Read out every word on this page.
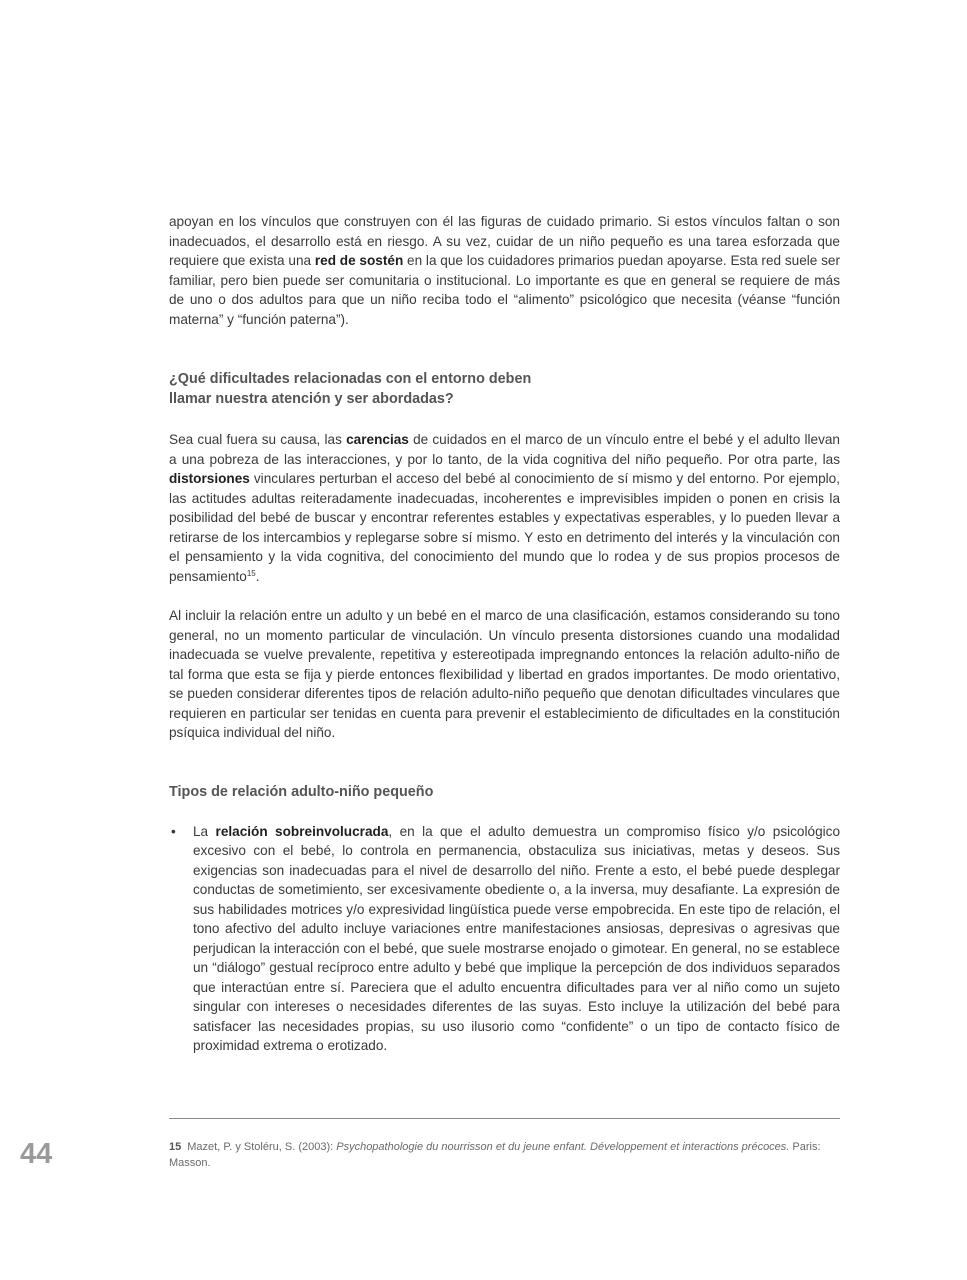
apoyan en los vínculos que construyen con él las figuras de cuidado primario. Si estos vínculos faltan o son inadecuados, el desarrollo está en riesgo. A su vez, cuidar de un niño pequeño es una tarea esforzada que requiere que exista una red de sostén en la que los cuidadores primarios puedan apoyarse. Esta red suele ser familiar, pero bien puede ser comunitaria o institucional. Lo importante es que en general se requiere de más de uno o dos adultos para que un niño reciba todo el “alimento” psicológico que necesita (véanse “función materna” y “función paterna”).

¿Qué dificultades relacionadas con el entorno deben
llamar nuestra atención y ser abordadas?

Sea cual fuera su causa, las carencias de cuidados en el marco de un vínculo entre el bebé y el adulto llevan a una pobreza de las interacciones, y por lo tanto, de la vida cognitiva del niño pequeño. Por otra parte, las distorsiones vinculares perturban el acceso del bebé al conocimiento de sí mismo y del entorno. Por ejemplo, las actitudes adultas reiteradamente inadecuadas, incoherentes e imprevisibles impiden o ponen en crisis la posibilidad del bebé de buscar y encontrar referentes estables y expectativas esperables, y lo pueden llevar a retirarse de los intercambios y replegarse sobre sí mismo. Y esto en detrimento del interés y la vinculación con el pensamiento y la vida cognitiva, del conocimiento del mundo que lo rodea y de sus propios procesos de pensamiento$^{15}$.

Al incluir la relación entre un adulto y un bebé en el marco de una clasificación, estamos considerando su tono general, no un momento particular de vinculación. Un vínculo presenta distorsiones cuando una modalidad inadecuada se vuelve prevalente, repetitiva y estereotipada impregnando entonces la relación adulto-niño de tal forma que esta se fija y pierde entonces flexibilidad y libertad en grados importantes. De modo orientativo, se pueden considerar diferentes tipos de relación adulto-niño pequeño que denotan dificultades vinculares que requieren en particular ser tenidas en cuenta para prevenir el establecimiento de dificultades en la constitución psíquica individual del niño.

Tipos de relación adulto-niño pequeño
• La relación sobreinvolucrada, en la que el adulto demuestra un compromiso físico y/o psicológico excesivo con el bebé, lo controla en permanencia, obstaculiza sus iniciativas, metas y deseos. Sus exigencias son inadecuadas para el nivel de desarrollo del niño. Frente a esto, el bebé puede desplegar conductas de sometimiento, ser excesivamente obediente o, a la inversa, muy desafiante. La expresión de sus habilidades motrices y/o expresividad lingüística puede verse empobrecida. En este tipo de relación, el tono afectivo del adulto incluye variaciones entre manifestaciones ansiosas, depresivas o agresivas que perjudican la interacción con el bebé, que suele mostrarse enojado o gimotear. En general, no se establece un “diálogo” gestual recíproco entre adulto y bebé que implique la percepción de dos individuos separados que interactúan entre sí. Pareciera que el adulto encuentra dificultades para ver al niño como un sujeto singular con intereses o necesidades diferentes de las suyas. Esto incluye la utilización del bebé para satisfacer las necesidades propias, su uso ilusorio como “confidente” o un tipo de contacto físico de proximidad extrema o erotizado.
15 Mazet, P. y Stoléru, S. (2003): Psychopathologie du nourrisson et du jeune enfant. Développement et interactions précoces. Paris: Masson.
44
